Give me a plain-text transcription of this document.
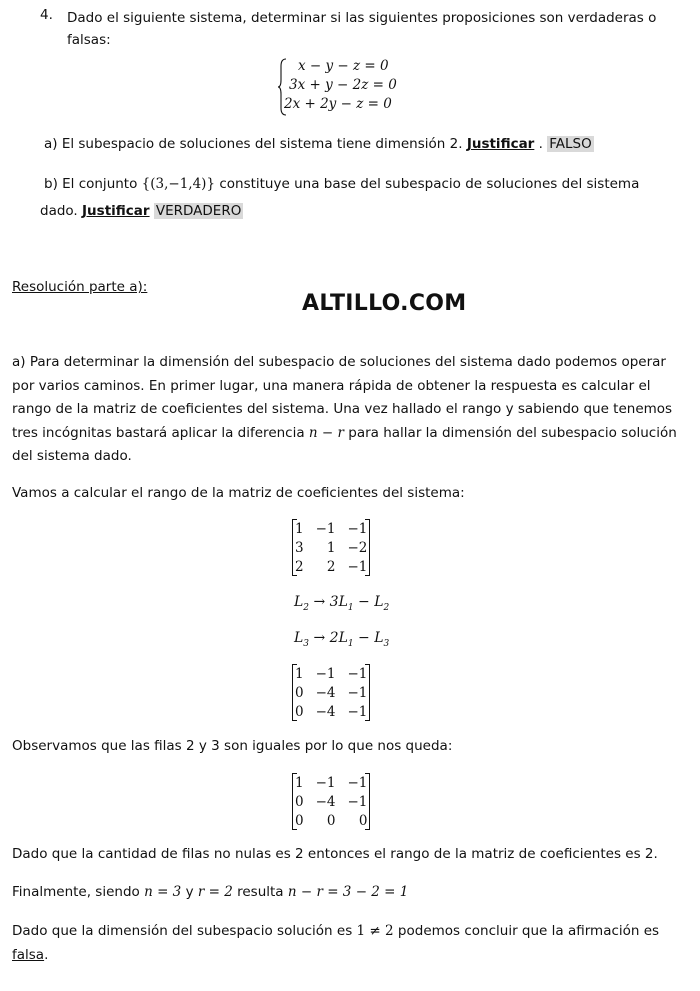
4. Dado el siguiente sistema, determinar si las siguientes proposiciones son verdaderas o
falsas:
x − y − z = 0
3x + y − 2z = 0
2x + 2y − z = 0
a) El subespacio de soluciones del sistema tiene dimensión 2. Justificar . FALSO
b) El conjunto {(3,−1,4)} constituye una base del subespacio de soluciones del sistema
dado. Justificar VERDADERO
Resolución parte a):
ALTILLO.COM
a) Para determinar la dimensión del subespacio de soluciones del sistema dado podemos operar por varios caminos. En primer lugar, una manera rápida de obtener la respuesta es calcular el rango de la matriz de coeficientes del sistema. Una vez hallado el rango y sabiendo que tenemos tres incógnitas bastará aplicar la diferencia n − r para hallar la dimensión del subespacio solución del sistema dado.
Vamos a calcular el rango de la matriz de coeficientes del sistema:
1	−1	−1
3	1	−2
2	2	−1
$L_2 \to 3L_1 - L_2$
$L_3 \to 2L_1 - L_3$
1	−1	−1
0	−4	−1
0	−4	−1
Observamos que las filas 2 y 3 son iguales por lo que nos queda:
1	−1	−1
0	−4	−1
0	0	0
Dado que la cantidad de filas no nulas es 2 entonces el rango de la matriz de coeficientes es 2.
Finalmente, siendo n = 3 y r = 2 resulta n − r = 3 − 2 = 1
Dado que la dimensión del subespacio solución es 1 ≠ 2 podemos concluir que la afirmación es
falsa.
